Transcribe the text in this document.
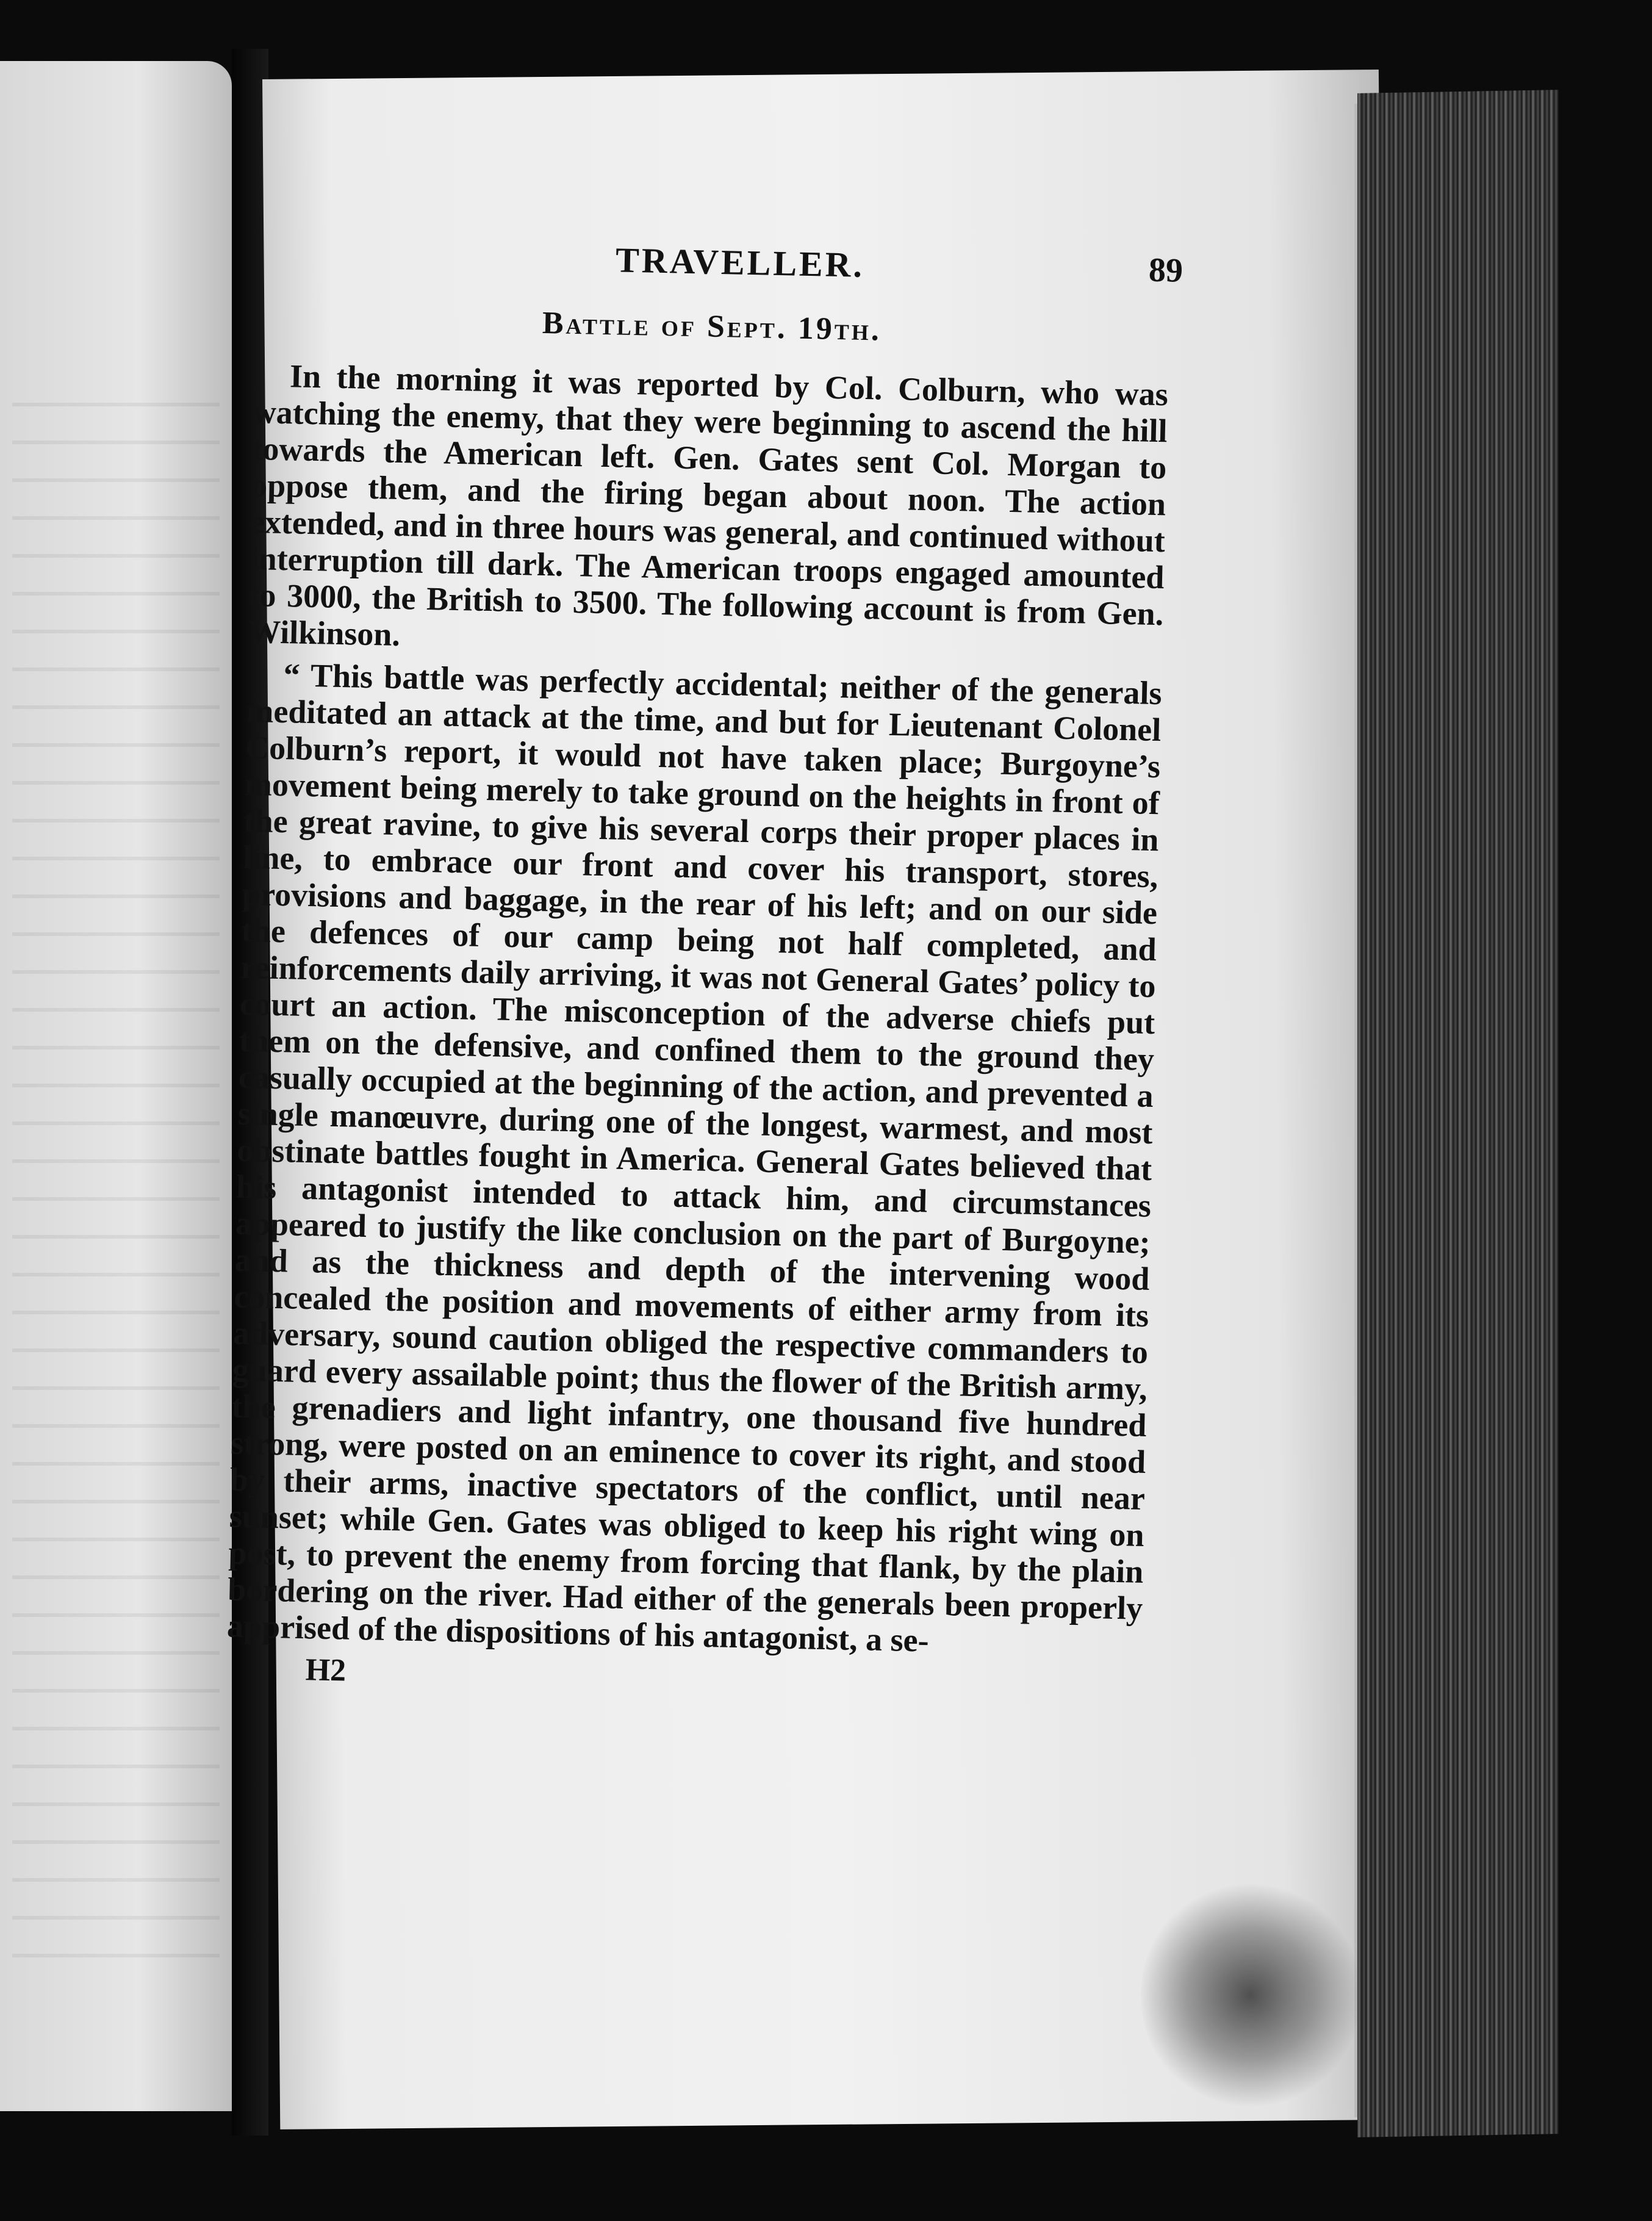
TRAVELLER.	89
Battle of Sept. 19th.

In the morning it was reported by Col. Colburn, who was watching the enemy, that they were beginning to ascend the hill towards the American left. Gen. Gates sent Col. Morgan to oppose them, and the firing began about noon. The action extended, and in three hours was general, and continued without interruption till dark. The American troops engaged amounted to 3000, the British to 3500. The following account is from Gen. Wilkinson.

“ This battle was perfectly accidental; neither of the generals meditated an attack at the time, and but for Lieutenant Colonel Colburn’s report, it would not have taken place; Burgoyne’s movement being merely to take ground on the heights in front of the great ravine, to give his several corps their proper places in line, to embrace our front and cover his transport, stores, provisions and baggage, in the rear of his left; and on our side the defences of our camp being not half completed, and reinforcements daily arriving, it was not General Gates’ policy to court an action. The misconception of the adverse chiefs put them on the defensive, and confined them to the ground they casually occupied at the beginning of the action, and prevented a single manœuvre, during one of the longest, warmest, and most obstinate battles fought in America. General Gates believed that his antagonist intended to attack him, and circumstances appeared to justify the like conclusion on the part of Burgoyne; and as the thickness and depth of the intervening wood concealed the position and movements of either army from its adversary, sound caution obliged the respective commanders to guard every assailable point; thus the flower of the British army, the grenadiers and light infantry, one thousand five hundred strong, were posted on an eminence to cover its right, and stood by their arms, inactive spectators of the conflict, until near sunset; while Gen. Gates was obliged to keep his right wing on post, to prevent the enemy from forcing that flank, by the plain bordering on the river. Had either of the generals been properly apprised of the dispositions of his antagonist, a se-

H2
